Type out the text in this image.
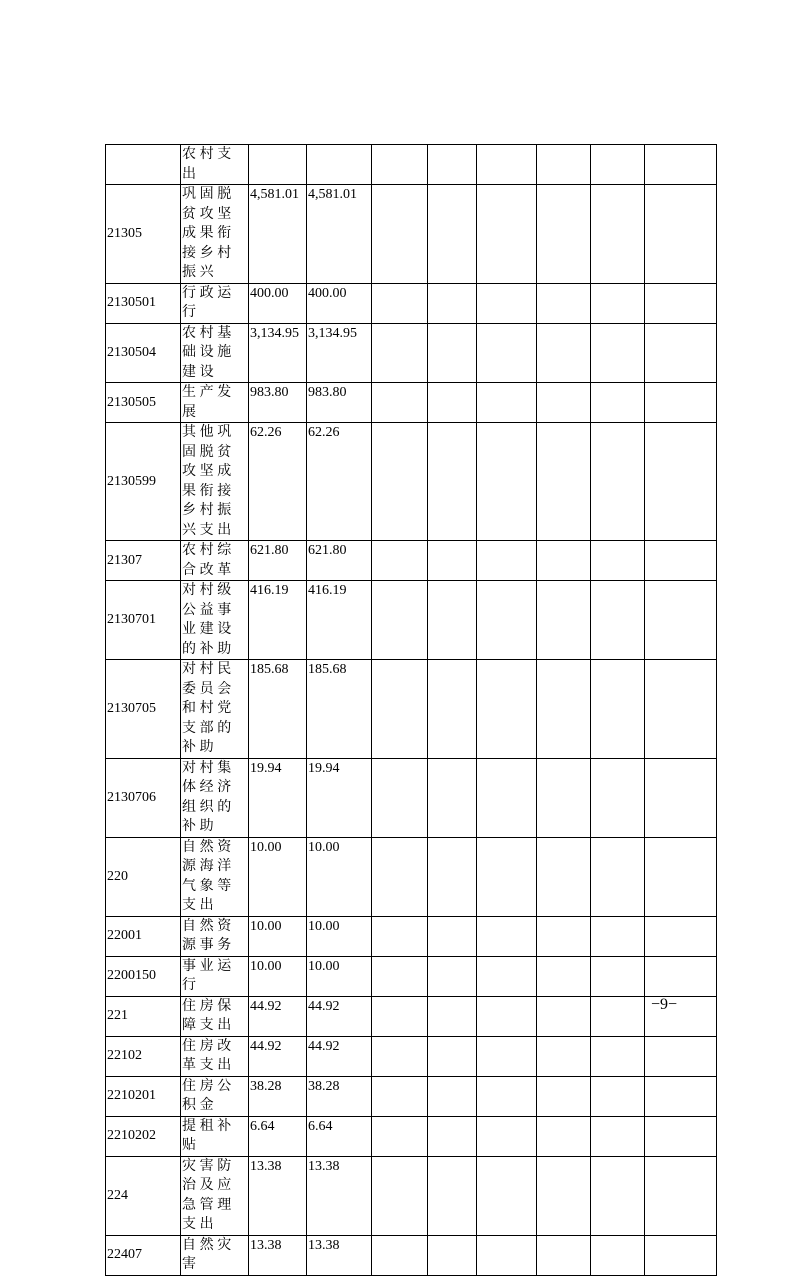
	农村支出								
21305	巩固脱贫攻坚成果衔接乡村振兴	4,581.01	4,581.01						
2130501	行政运行	400.00	400.00						
2130504	农村基础设施建设	3,134.95	3,134.95						
2130505	生产发展	983.80	983.80						
2130599	其他巩固脱贫攻坚成果衔接乡村振兴支出	62.26	62.26						
21307	农村综合改革	621.80	621.80						
2130701	对村级公益事业建设的补助	416.19	416.19						
2130705	对村民委员会和村党支部的补助	185.68	185.68						
2130706	对村集体经济组织的补助	19.94	19.94						
220	自然资源海洋气象等支出	10.00	10.00						
22001	自然资源事务	10.00	10.00						
2200150	事业运行	10.00	10.00						
221	住房保障支出	44.92	44.92						
22102	住房改革支出	44.92	44.92						
2210201	住房公积金	38.28	38.28						
2210202	提租补贴	6.64	6.64						
224	灾害防治及应急管理支出	13.38	13.38						
22407	自然灾害	13.38	13.38						
−9−
